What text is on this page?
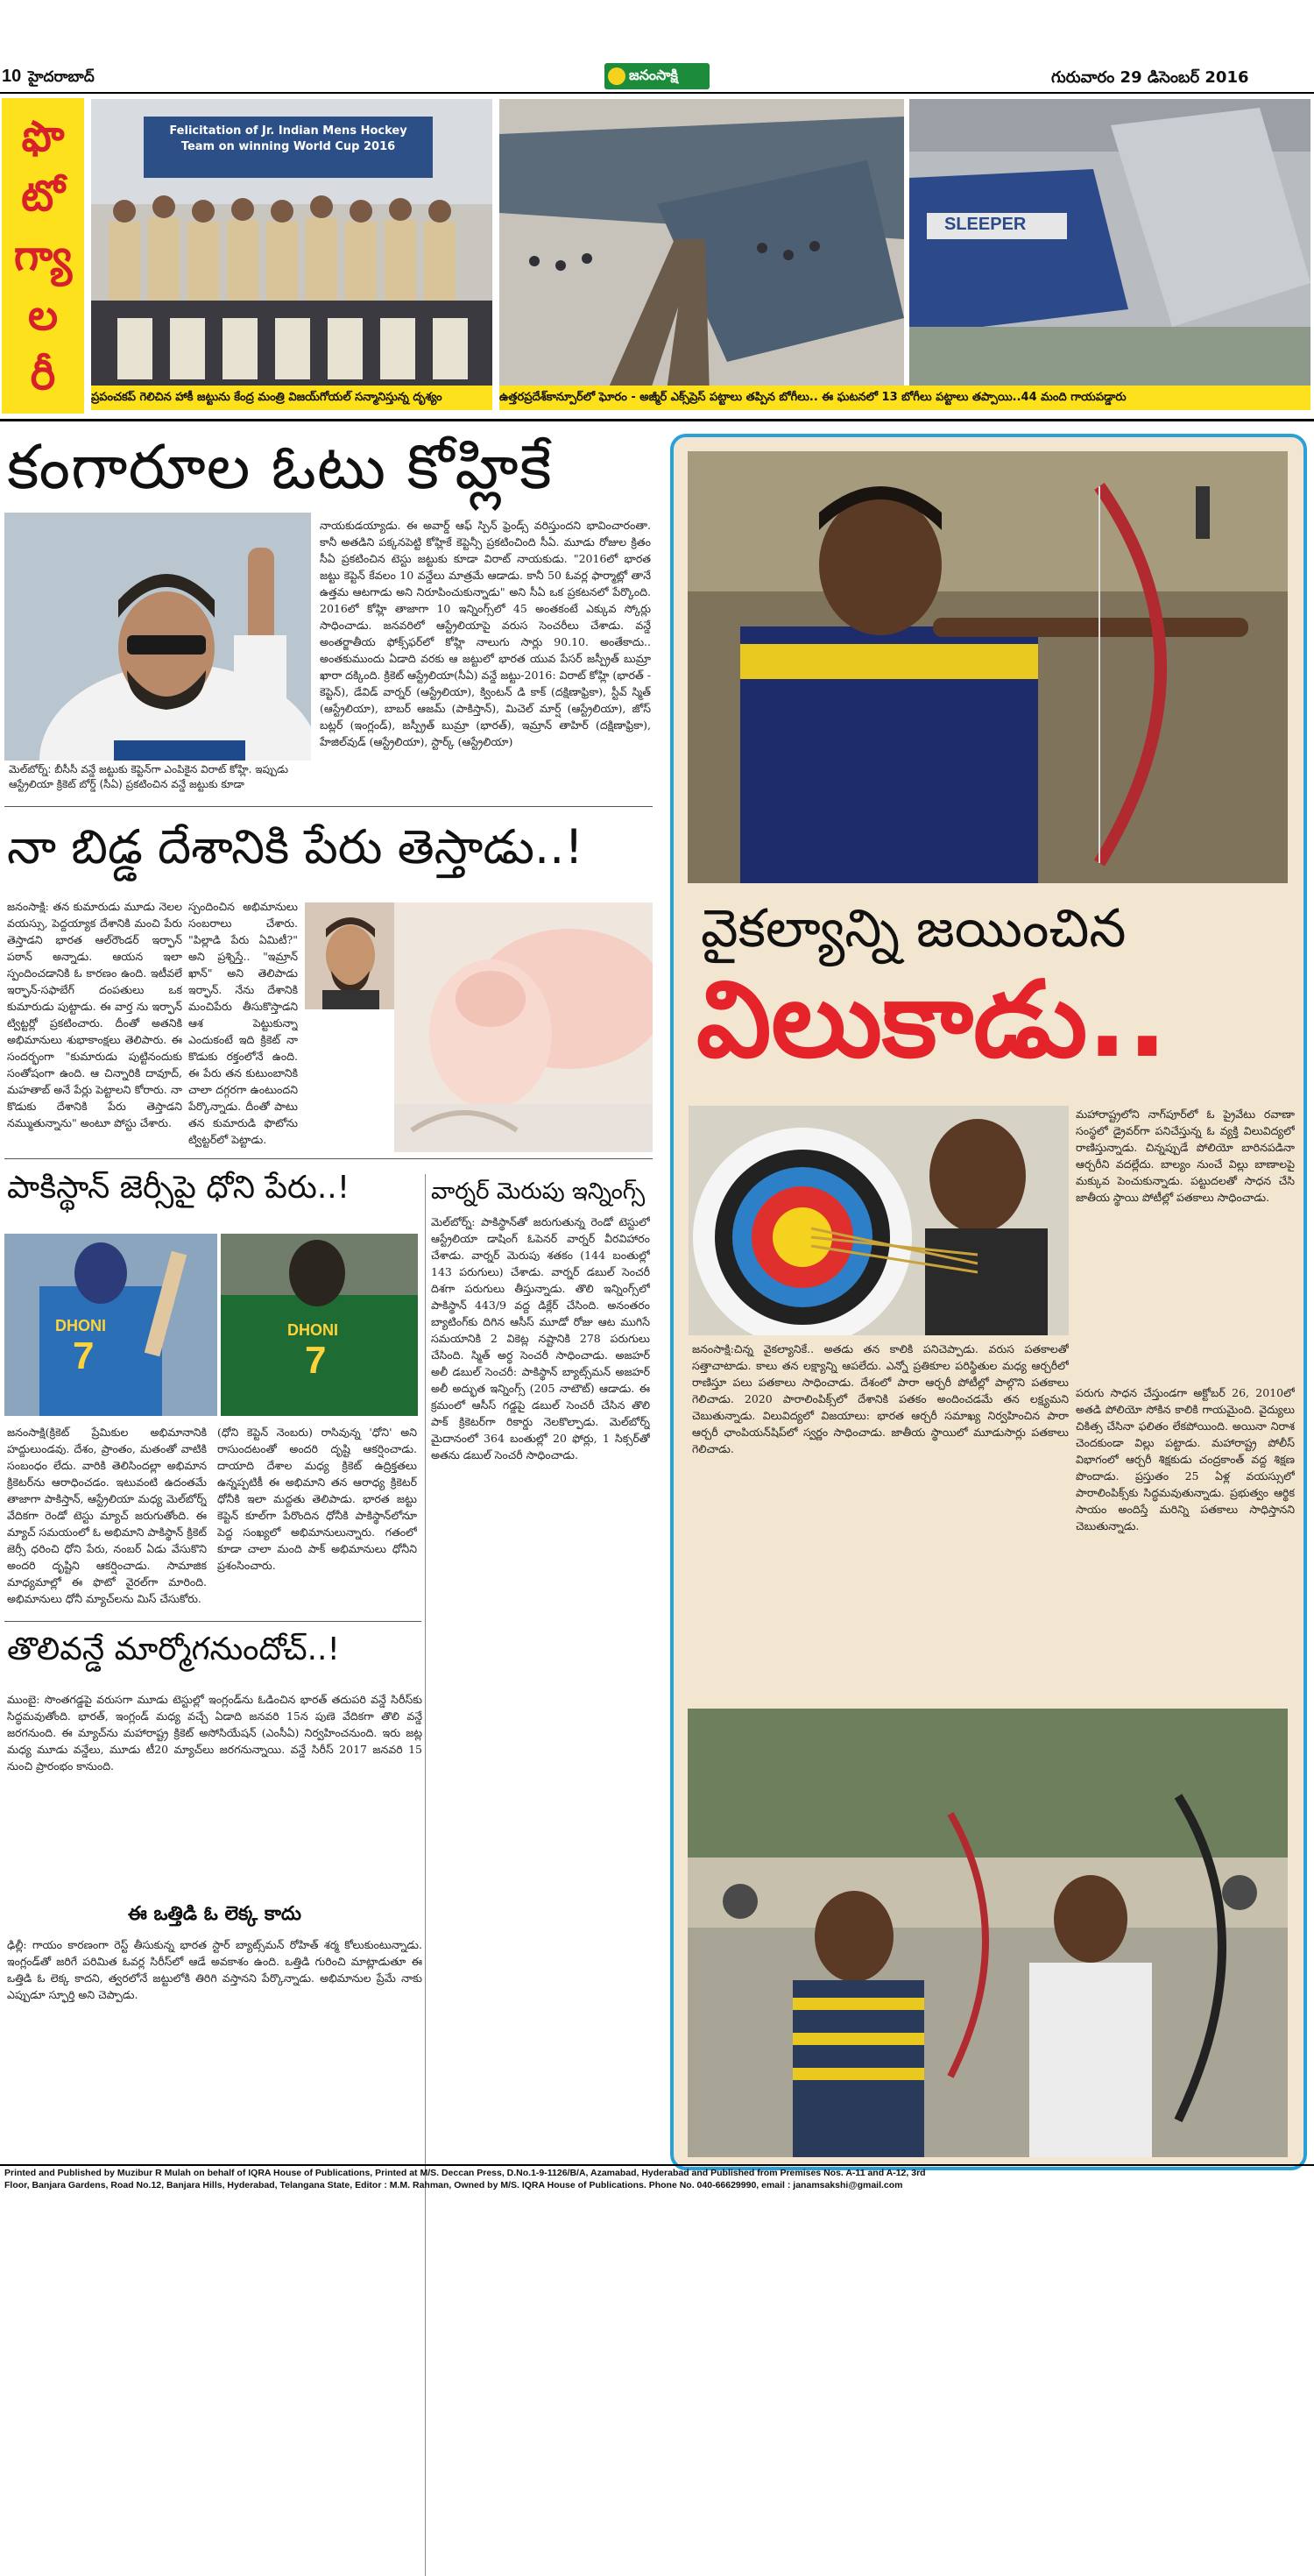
10 హైదరాబాద్	జనంసాక్షి	గురువారం 29 డిసెంబర్ 2016
ఫొ
టో
గ్యా
ల
రీ
Felicitation of Jr. Indian Mens Hockey Team on winning World Cup 2016
SLEEPER
ప్రపంచకప్ గెలిచిన హాకీ జట్టును కేంద్ర మంత్రి విజయ్‌గోయల్ సన్మానిస్తున్న దృశ్యం	ఉత్తరప్రదేశ్‌కాన్పూర్‌లో ఘోరం - అజ్మీర్ ఎక్స్‌ప్రెస్ పట్టాలు తప్పిన బోగీలు.. ఈ ఘటనలో 13 బోగీలు పట్టాలు తప్పాయి..44 మంది గాయపడ్డారు
కంగారూల ఓటు కోహ్లికే
మెల్‌బోర్న్: బీసీసీ వన్డే జట్టుకు కెప్టెన్‌గా ఎంపికైన విరాట్ కోహ్లి. ఇప్పుడు ఆస్ట్రేలియా క్రికెట్ బోర్డ్ (సీఏ) ప్రకటించిన వన్డే జట్టుకు కూడా
నాయకుడయ్యాడు. ఈ అవార్డ్ ఆఫ్ స్పిన్ ఫ్రెండ్స్ వరిస్తుందని భావించారంతా. కానీ అతడిని పక్కనపెట్టి కోహ్లికే కెప్టెన్సీ ప్రకటించింది సీఏ. మూడు రోజుల క్రితం సీఏ ప్రకటించిన టెస్టు జట్టుకు కూడా విరాట్ నాయకుడు. "2016లో భారత జట్టు కెప్టెన్ కేవలం 10 వన్డేలు మాత్రమే ఆడాడు. కానీ 50 ఓవర్ల ఫార్మాట్లో తానే ఉత్తమ ఆటగాడు అని నిరూపించుకున్నాడు" అని సీఏ ఒక ప్రకటనలో పేర్కొంది. 2016లో కోహ్లి తాజాగా 10 ఇన్నింగ్స్‌లో 45 అంతకంటే ఎక్కువ స్కోర్లు సాధించాడు. జనవరిలో ఆస్ట్రేలియాపై వరుస సెంచరీలు చేశాడు. వన్డే అంతర్జాతీయ ఫోక్స్‌ఫర్‌లో కోహ్లి నాలుగు సార్లు 90.10. అంతేకాదు.. అంతకుముందు ఏడాది వరకు ఆ జట్టులో భారత యువ పేసర్ జస్ప్రీత్ బుమ్రా ఖారా దక్కింది. క్రికెట్ ఆస్ట్రేలియా(సీఏ) వన్డే జట్టు-2016: విరాట్ కోహ్లి (భారత్ - కెప్టెన్), డేవిడ్ వార్నర్ (ఆస్ట్రేలియా), క్వింటన్ డి కాక్ (దక్షిణాఫ్రికా), స్టీవ్ స్మిత్ (ఆస్ట్రేలియా), బాబర్ ఆజమ్ (పాకిస్తాన్), మిచెల్ మార్ష్ (ఆస్ట్రేలియా), జోస్ బట్లర్ (ఇంగ్లండ్), జస్ప్రీత్ బుమ్రా (భారత్), ఇమ్రాన్ తాహిర్ (దక్షిణాఫ్రికా), హేజిల్‌వుడ్ (ఆస్ట్రేలియా), స్టార్క్ (ఆస్ట్రేలియా)
నా బిడ్డ దేశానికి పేరు తెస్తాడు..!
జనంసాక్షి: తన కుమారుడు మూడు నెలల వయస్సు, పెద్దయ్యాక దేశానికి మంచి పేరు తెస్తాడని భారత ఆల్‌రౌండర్ ఇర్ఫాన్ పఠాన్ అన్నాడు. ఆయన ఇలా స్పందించడానికి ఓ కారణం ఉంది. ఇటీవలే ఇర్ఫాన్-సఫాబేగ్ దంపతులు ఒక కుమారుడు పుట్టాడు. ఈ వార్త ను ఇర్ఫాన్ ట్విట్టర్లో ప్రకటించారు. దీంతో అతనికి అభిమానులు శుభాకాంక్షలు తెలిపారు. ఈ సందర్భంగా "కుమారుడు పుట్టినందుకు సంతోషంగా ఉంది. ఆ చిన్నారికి దావూద్, మహతాబ్ అనే పేర్లు పెట్టాలని కోరారు. నా కొడుకు దేశానికి పేరు తెస్తాడని నమ్ముతున్నాను" అంటూ పోస్టు చేశారు.
స్పందించిన అభిమానులు సంబరాలు చేశారు. "పిల్లాడి పేరు ఏమిటీ?" అని ప్రశ్నిస్తే.. "ఇమ్రాన్ ఖాన్" అని తెలిపాడు ఇర్ఫాన్. నేను దేశానికి మంచిపేరు తీసుకొస్తాడని ఆశ పెట్టుకున్నా ఎందుకంటే ఇది క్రికెట్ నా కొడుకు రక్తంలోనే ఉంది. ఈ పేరు తన కుటుంబానికి చాలా దగ్గరగా ఉంటుందని పేర్కొన్నాడు. దీంతో పాటు తన కుమారుడి ఫొటోను ట్విట్టర్‌లో పెట్టాడు.
పాకిస్థాన్ జెర్సీపై ధోని పేరు..!
DHONI
7
DHONI
7
జనంసాక్షి(క్రికెట్ ప్రేమికుల అభిమానానికి హద్దులుండవు. దేశం, ప్రాంతం, మతంతో వాటికి సంబంధం లేదు. వారికి తెలిసిందల్లా అభిమాన క్రికెటర్‌ను ఆరాధించడం. ఇటువంటి ఉదంతమే తాజాగా పాకిస్తాన్, ఆస్ట్రేలియా మధ్య మెల్‌బోర్న్ వేదికగా రెండో టెస్టు మ్యాచ్ జరుగుతోంది. ఈ మ్యాచ్ సమయంలో ఓ అభిమాని పాకిస్థాన్ క్రికెట్ జెర్సీ ధరించి ధోని పేరు, నంబర్ ఏడు వేసుకొని అందరి దృష్టిని ఆకర్షించాడు. సామాజిక మాధ్యమాల్లో ఈ ఫొటో వైరల్‌గా మారింది. అభిమానులు ధోనీ మ్యాచ్‌లను మిస్ చేసుకోరు.
(ధోని కెప్టెన్ నెంబరు) రాసివున్న 'ధోని' అని రాసుందటంతో అందరి దృష్టి ఆకర్షించాడు. దాయాది దేశాల మధ్య క్రికెట్ ఉద్రిక్తతలు ఉన్నప్పటికీ ఈ అభిమాని తన ఆరాధ్య క్రికెటర్ ధోనీకి ఇలా మద్దతు తెలిపాడు. భారత జట్టు కెప్టెన్ కూల్‌గా పేరొందిన ధోనీకి పాకిస్థాన్‌లోనూ పెద్ద సంఖ్యలో అభిమానులున్నారు. గతంలో కూడా చాలా మంది పాక్ అభిమానులు ధోనీని ప్రశంసించారు.
వార్నర్ మెరుపు ఇన్నింగ్స్
మెల్‌బోర్న్: పాకిస్థాన్‌తో జరుగుతున్న రెండో టెస్టులో ఆస్ట్రేలియా డాషింగ్ ఓపెనర్ వార్నర్ వీరవిహారం చేశాడు. వార్నర్ మెరుపు శతకం (144 బంతుల్లో 143 పరుగులు) చేశాడు. వార్నర్ డబుల్ సెంచరీ దిశగా పరుగులు తీస్తున్నాడు. తొలి ఇన్నింగ్స్‌లో పాకిస్థాన్ 443/9 వద్ద డిక్లేర్ చేసింది. అనంతరం బ్యాటింగ్‌కు దిగిన ఆసీస్ మూడో రోజు ఆట ముగిసే సమయానికి 2 వికెట్ల నష్టానికి 278 పరుగులు చేసింది. స్మిత్ అర్ధ సెంచరీ సాధించాడు. అజహర్ అలీ డబుల్ సెంచరీ: పాకిస్థాన్ బ్యాట్స్‌మన్ అజహర్ అలీ అద్భుత ఇన్నింగ్స్ (205 నాటౌట్) ఆడాడు. ఈ క్రమంలో ఆసీస్ గడ్డపై డబుల్ సెంచరీ చేసిన తొలి పాక్ క్రికెటర్‌గా రికార్డు నెలకొల్పాడు. మెల్‌బోర్న్ మైదానంలో 364 బంతుల్లో 20 ఫోర్లు, 1 సిక్సర్‌తో అతను డబుల్ సెంచరీ సాధించాడు.
తొలివన్డే మార్మోగనుందోచ్..!
ముంబై: సొంతగడ్డపై వరుసగా మూడు టెస్టుల్లో ఇంగ్లండ్‌ను ఓడించిన భారత్ తదుపరి వన్డే సిరీస్‌కు సిద్ధమవుతోంది. భారత్, ఇంగ్లండ్ మధ్య వచ్చే ఏడాది జనవరి 15న పుణె వేదికగా తొలి వన్డే జరగనుంది. ఈ మ్యాచ్‌ను మహారాష్ట్ర క్రికెట్ అసోసియేషన్ (ఎంసీఏ) నిర్వహించనుంది. ఇరు జట్ల మధ్య మూడు వన్డేలు, మూడు టీ20 మ్యాచ్‌లు జరగనున్నాయి. వన్డే సిరీస్ 2017 జనవరి 15 నుంచి ప్రారంభం కానుంది.
ఈ ఒత్తిడి ఓ లెక్క కాదు
ఢిల్లీ: గాయం కారణంగా రెస్ట్ తీసుకున్న భారత స్టార్ బ్యాట్స్‌మన్ రోహిత్ శర్మ కోలుకుంటున్నాడు. ఇంగ్లండ్‌తో జరిగే పరిమిత ఓవర్ల సిరీస్‌లో ఆడే అవకాశం ఉంది. ఒత్తిడి గురించి మాట్లాడుతూ ఈ ఒత్తిడి ఓ లెక్క కాదని, త్వరలోనే జట్టులోకి తిరిగి వస్తానని పేర్కొన్నాడు. అభిమానుల ప్రేమే నాకు ఎప్పుడూ స్ఫూర్తి అని చెప్పాడు.
వైకల్యాన్ని జయించిన
విలుకాడు..
మహారాష్ట్రలోని నాగ్‌పూర్‌లో ఓ ప్రైవేటు రవాణా సంస్థలో డ్రైవర్‌గా పనిచేస్తున్న ఓ వ్యక్తి విలువిద్యలో రాణిస్తున్నాడు. చిన్నప్పుడే పోలియో బారినపడినా ఆర్చరీని వదల్లేదు. బాల్యం నుంచే విల్లు బాణాలపై మక్కువ పెంచుకున్నాడు. పట్టుదలతో సాధన చేసి జాతీయ స్థాయి పోటీల్లో పతకాలు సాధించాడు.
జనంసాక్షి:చిన్న వైకల్యానికే.. అతడు తన కాలికి పనిచెప్పాడు. వరుస పతకాలతో సత్తాచాటాడు. కాలు తన లక్ష్యాన్ని ఆపలేదు. ఎన్నో ప్రతికూల పరిస్థితుల మధ్య ఆర్చరీలో రాణిస్తూ పలు పతకాలు సాధించాడు. దేశంలో పారా ఆర్చరీ పోటీల్లో పాల్గొని పతకాలు గెలిచాడు. 2020 పారాలింపిక్స్‌లో దేశానికి పతకం అందించడమే తన లక్ష్యమని చెబుతున్నాడు. విలువిద్యలో విజయాలు: భారత ఆర్చరీ సమాఖ్య నిర్వహించిన పారా ఆర్చరీ ఛాంపియన్‌షిప్‌లో స్వర్ణం సాధించాడు. జాతీయ స్థాయిలో మూడుసార్లు పతకాలు గెలిచాడు.
పరుగు సాధన చేస్తుండగా అక్టోబర్ 26, 2010లో అతడి పోలియో సోకిన కాలికి గాయమైంది. వైద్యులు చికిత్స చేసినా ఫలితం లేకపోయింది. అయినా నిరాశ చెందకుండా విల్లు పట్టాడు. మహారాష్ట్ర పోలీస్ విభాగంలో ఆర్చరీ శిక్షకుడు చంద్రకాంత్ వద్ద శిక్షణ పొందాడు. ప్రస్తుతం 25 ఏళ్ల వయస్సులో పారాలింపిక్స్‌కు సిద్ధమవుతున్నాడు. ప్రభుత్వం ఆర్థిక సాయం అందిస్తే మరిన్ని పతకాలు సాధిస్తానని చెబుతున్నాడు.
Printed and Published by Muzibur R Mulah on behalf of IQRA House of Publications, Printed at M/S. Deccan Press, D.No.1-9-1126/B/A, Azamabad, Hyderabad and Published from Premises Nos. A-11 and A-12, 3rd
Floor, Banjara Gardens, Road No.12, Banjara Hills, Hyderabad, Telangana State, Editor : M.M. Rahman, Owned by M/S. IQRA House of Publications. Phone No. 040-66629990, email : janamsakshi@gmail.com
